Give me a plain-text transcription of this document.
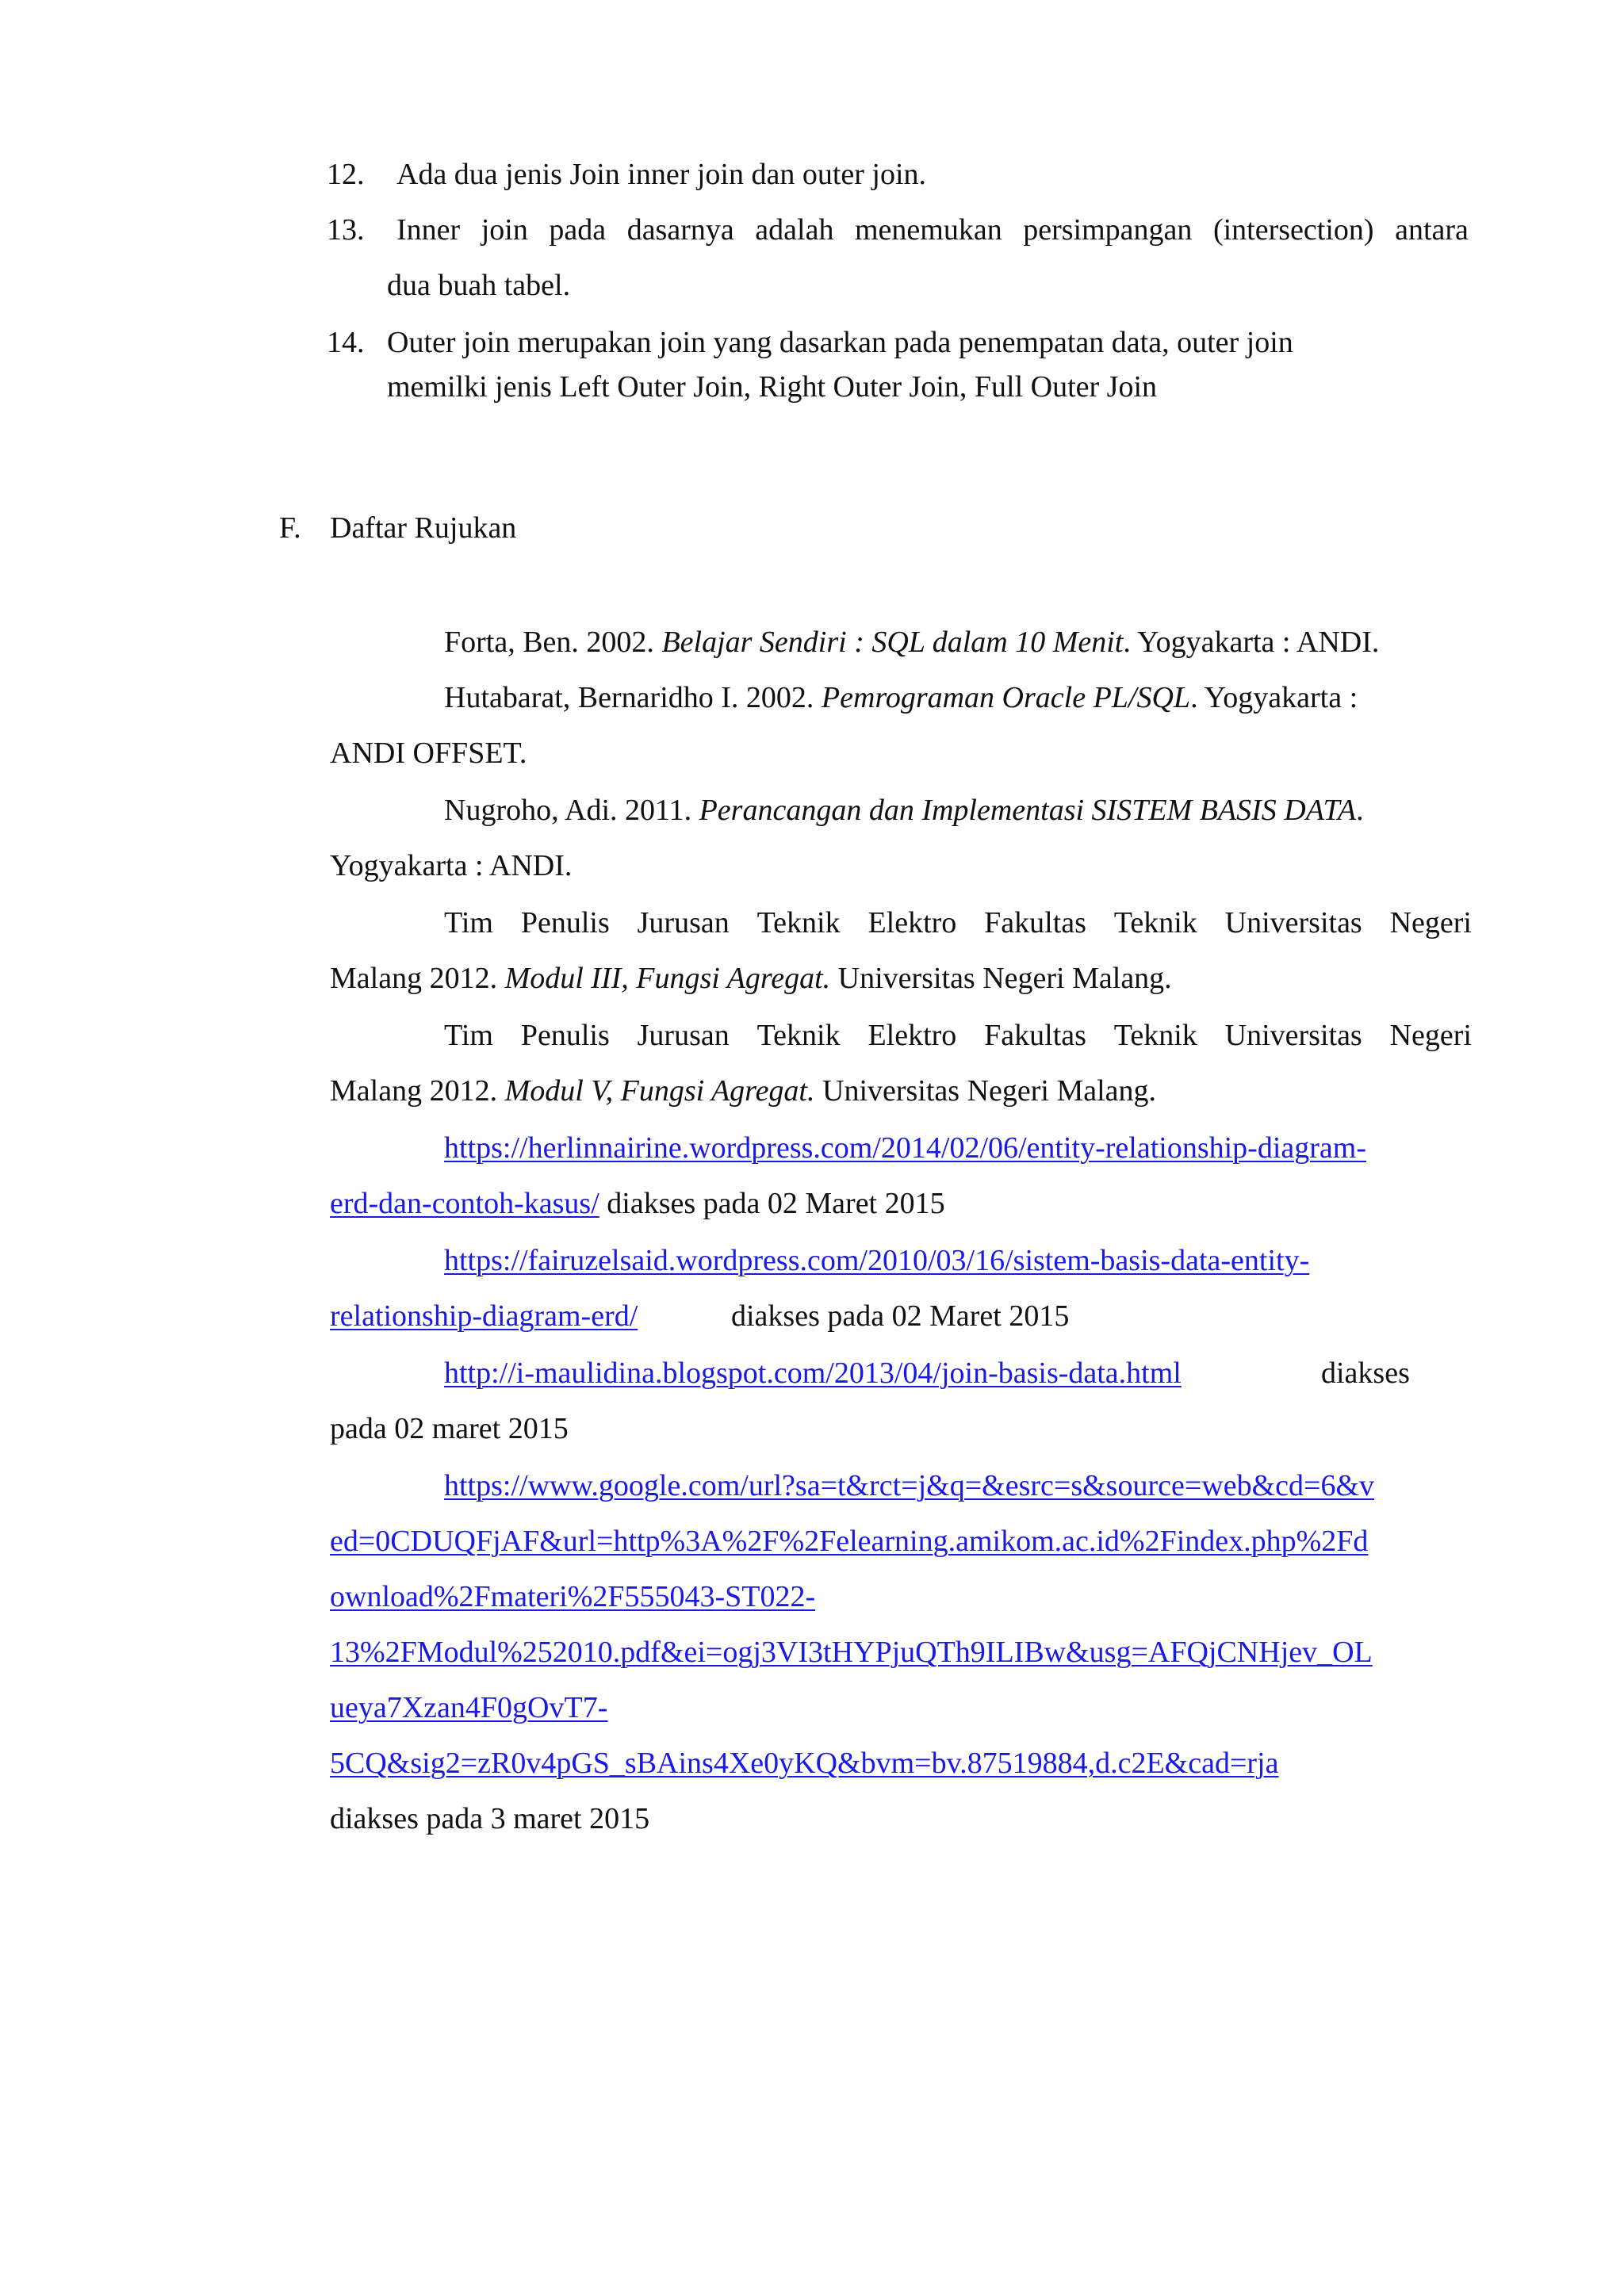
12. Ada dua jenis Join inner join dan outer join.
13.	Inner join pada dasarnya adalah menemukan persimpangan (intersection) antara
dua buah tabel.
14. Outer join merupakan join yang dasarkan pada penempatan data, outer join
memilki jenis Left Outer Join, Right Outer Join, Full Outer Join
F. Daftar Rujukan
Forta, Ben. 2002. Belajar Sendiri : SQL dalam 10 Menit. Yogyakarta : ANDI.
Hutabarat, Bernaridho I. 2002. Pemrograman Oracle PL/SQL. Yogyakarta :
ANDI OFFSET.
Nugroho, Adi. 2011. Perancangan dan Implementasi SISTEM BASIS DATA.
Yogyakarta : ANDI.
Tim Penulis Jurusan Teknik Elektro Fakultas Teknik Universitas Negeri
Malang 2012. Modul III, Fungsi Agregat. Universitas Negeri Malang.
Tim Penulis Jurusan Teknik Elektro Fakultas Teknik Universitas Negeri
Malang 2012. Modul V, Fungsi Agregat. Universitas Negeri Malang.
https://herlinnairine.wordpress.com/2014/02/06/entity-relationship-diagram-
erd-dan-contoh-kasus/ diakses pada 02 Maret 2015
https://fairuzelsaid.wordpress.com/2010/03/16/sistem-basis-data-entity-
relationship-diagram-erd/	diakses pada 02 Maret 2015
http://i-maulidina.blogspot.com/2013/04/join-basis-data.html	diakses
pada 02 maret 2015
https://www.google.com/url?sa=t&rct=j&q=&esrc=s&source=web&cd=6&v
ed=0CDUQFjAF&url=http%3A%2F%2Felearning.amikom.ac.id%2Findex.php%2Fd
ownload%2Fmateri%2F555043-ST022-
13%2FModul%252010.pdf&ei=ogj3VI3tHYPjuQTh9ILIBw&usg=AFQjCNHjev_OL
ueya7Xzan4F0gOvT7-
5CQ&sig2=zR0v4pGS_sBAins4Xe0yKQ&bvm=bv.87519884,d.c2E&cad=rja
diakses pada 3 maret 2015
